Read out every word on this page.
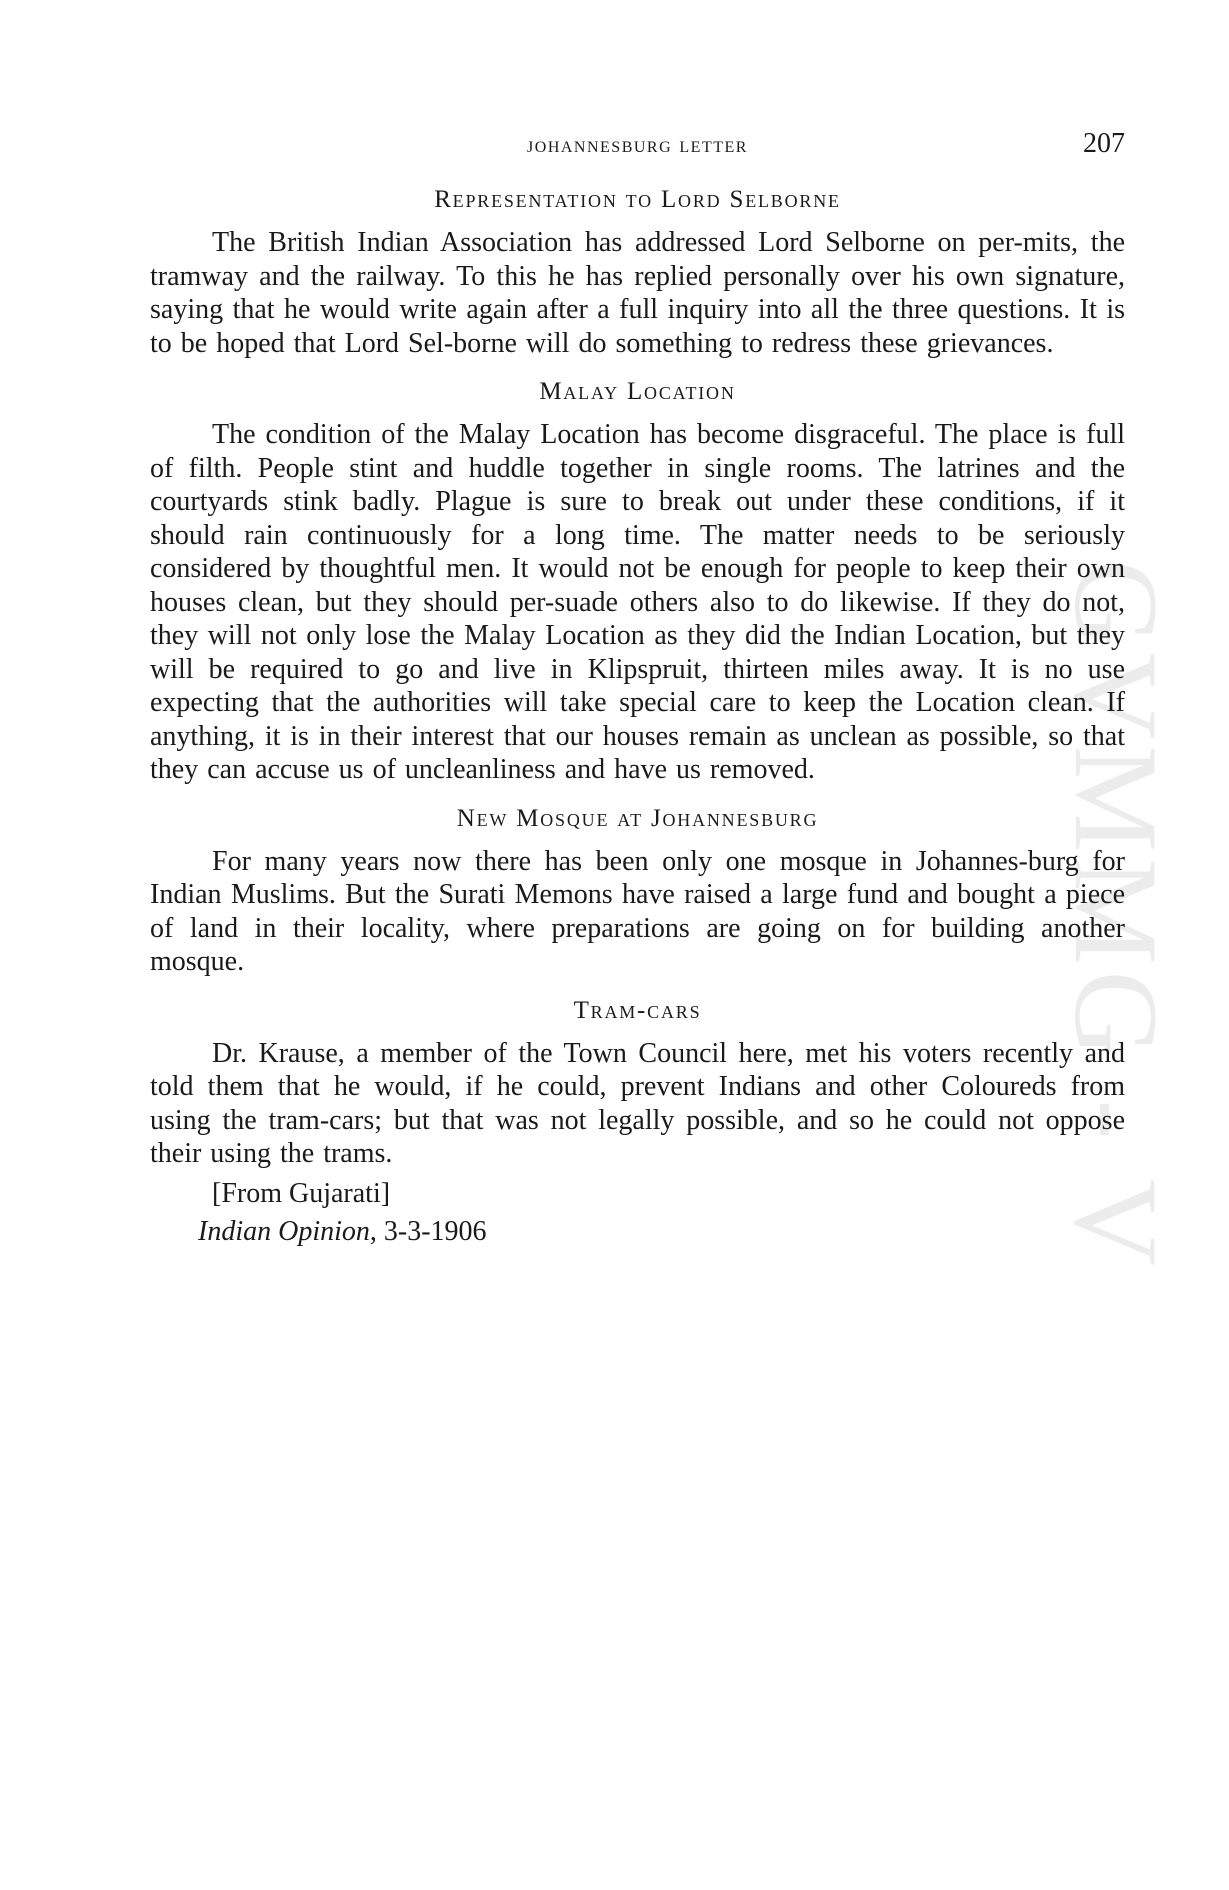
GVMMG - V
johannesburg letter	207
Representation to Lord Selborne

The British Indian Association has addressed Lord Selborne on per-mits, the tramway and the railway. To this he has replied personally over his own signature, saying that he would write again after a full inquiry into all the three questions. It is to be hoped that Lord Sel-borne will do something to redress these grievances.

Malay Location

The condition of the Malay Location has become disgraceful. The place is full of filth. People stint and huddle together in single rooms. The latrines and the courtyards stink badly. Plague is sure to break out under these conditions, if it should rain continuously for a long time. The matter needs to be seriously considered by thoughtful men. It would not be enough for people to keep their own houses clean, but they should per-suade others also to do likewise. If they do not, they will not only lose the Malay Location as they did the Indian Location, but they will be required to go and live in Klipspruit, thirteen miles away. It is no use expecting that the authorities will take special care to keep the Location clean. If anything, it is in their interest that our houses remain as unclean as possible, so that they can accuse us of uncleanliness and have us removed.

New Mosque at Johannesburg

For many years now there has been only one mosque in Johannes-burg for Indian Muslims. But the Surati Memons have raised a large fund and bought a piece of land in their locality, where preparations are going on for building another mosque.

Tram-cars

Dr. Krause, a member of the Town Council here, met his voters recently and told them that he would, if he could, prevent Indians and other Coloureds from using the tram-cars; but that was not legally possible, and so he could not oppose their using the trams.

[From Gujarati]
Indian Opinion, 3-3-1906
